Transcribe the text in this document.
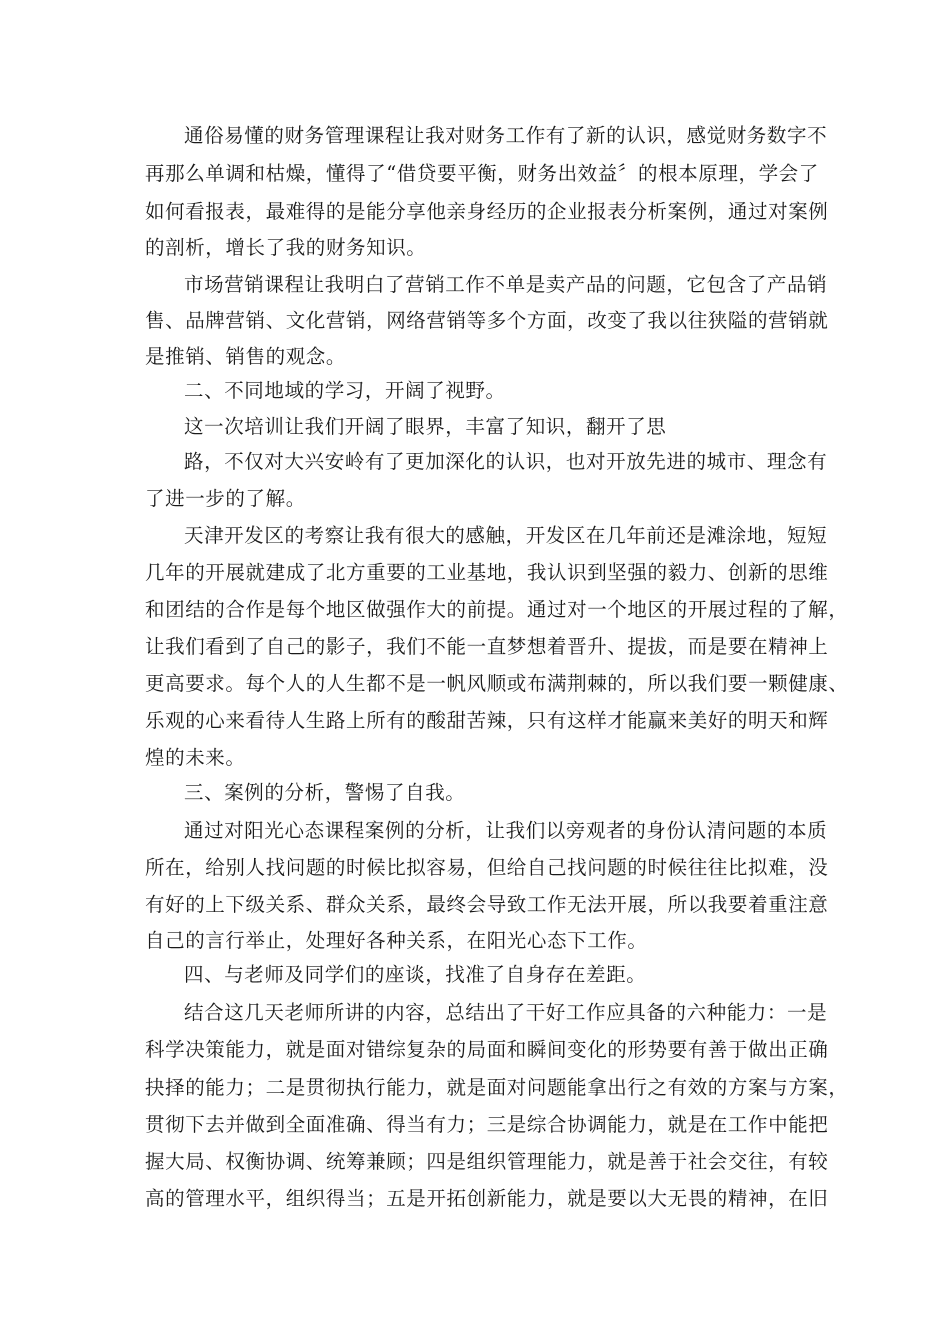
通俗易懂的财务管理课程让我对财务工作有了新的认识，感觉财务数字不
再那么单调和枯燥，懂得了“借贷要平衡，财务出效益〞的根本原理，学会了
如何看报表，最难得的是能分享他亲身经历的企业报表分析案例，通过对案例
的剖析，增长了我的财务知识。
市场营销课程让我明白了营销工作不单是卖产品的问题，它包含了产品销
售、品牌营销、文化营销，网络营销等多个方面，改变了我以往狭隘的营销就
是推销、销售的观念。
二、不同地域的学习，开阔了视野。
这一次培训让我们开阔了眼界，丰富了知识，翻开了思
路，不仅对大兴安岭有了更加深化的认识，也对开放先进的城市、理念有
了进一步的了解。
天津开发区的考察让我有很大的感触，开发区在几年前还是滩涂地，短短
几年的开展就建成了北方重要的工业基地，我认识到坚强的毅力、创新的思维
和团结的合作是每个地区做强作大的前提。通过对一个地区的开展过程的了解，
让我们看到了自己的影子，我们不能一直梦想着晋升、提拔，而是要在精神上
更高要求。每个人的人生都不是一帆风顺或布满荆棘的，所以我们要一颗健康、
乐观的心来看待人生路上所有的酸甜苦辣，只有这样才能赢来美好的明天和辉
煌的未来。
三、案例的分析，警惕了自我。
通过对阳光心态课程案例的分析，让我们以旁观者的身份认清问题的本质
所在，给别人找问题的时候比拟容易，但给自己找问题的时候往往比拟难，没
有好的上下级关系、群众关系，最终会导致工作无法开展，所以我要着重注意
自己的言行举止，处理好各种关系，在阳光心态下工作。
四、与老师及同学们的座谈，找准了自身存在差距。
结合这几天老师所讲的内容，总结出了干好工作应具备的六种能力：一是
科学决策能力，就是面对错综复杂的局面和瞬间变化的形势要有善于做出正确
抉择的能力；二是贯彻执行能力，就是面对问题能拿出行之有效的方案与方案，
贯彻下去并做到全面准确、得当有力；三是综合协调能力，就是在工作中能把
握大局、权衡协调、统筹兼顾；四是组织管理能力，就是善于社会交往，有较
高的管理水平，组织得当；五是开拓创新能力，就是要以大无畏的精神，在旧
